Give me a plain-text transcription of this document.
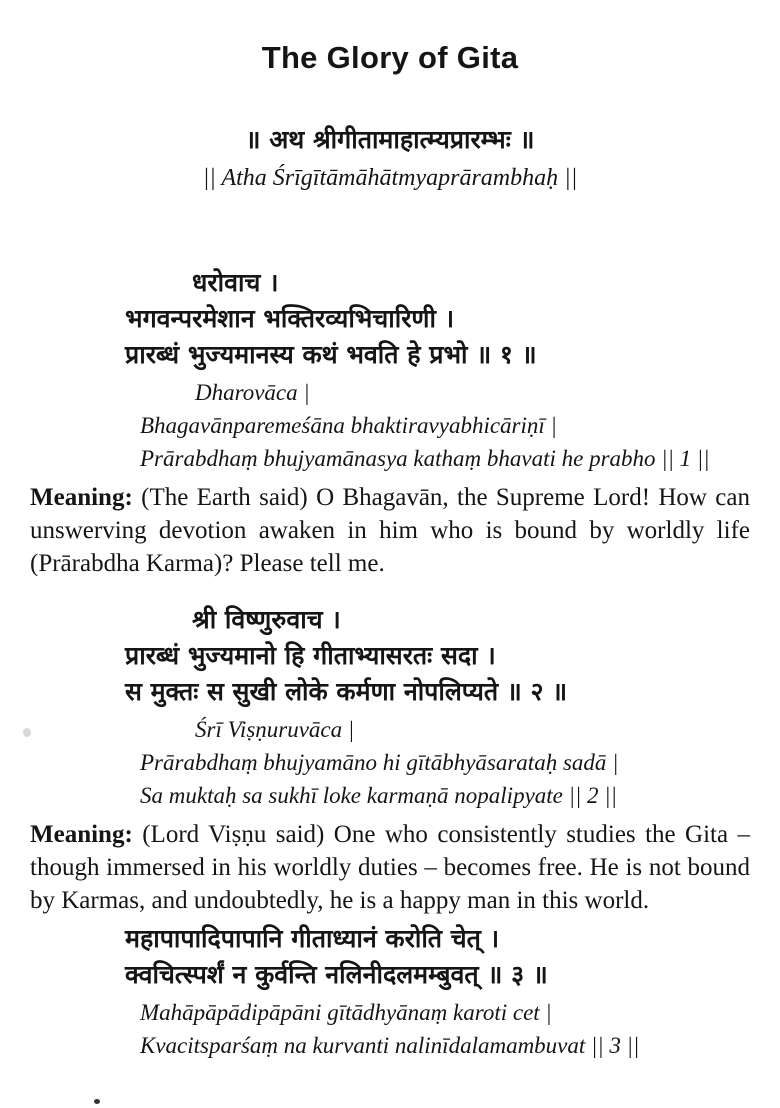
The Glory of Gita

॥ अथ श्रीगीतामाहात्म्यप्रारम्भः ॥

|| Atha Śrīgītāmāhātmyaprārambhaḥ ||

धरोवाच ।

भगवन्परमेशान भक्तिरव्यभिचारिणी ।

प्रारब्धं भुज्यमानस्य कथं भवति हे प्रभो ॥ १ ॥

Dharovāca |

Bhagavānparemeśāna bhaktiravyabhicāriṇī |

Prārabdhaṃ bhujyamānasya kathaṃ bhavati he prabho || 1 ||

Meaning: (The Earth said) O Bhagavān, the Supreme Lord! How can unswerving devotion awaken in him who is bound by worldly life (Prārabdha Karma)? Please tell me.

श्री विष्णुरुवाच ।

प्रारब्धं भुज्यमानो हि गीताभ्यासरतः सदा ।

स मुक्तः स सुखी लोके कर्मणा नोपलिप्यते ॥ २ ॥

Śrī Viṣṇuruvāca |

Prārabdhaṃ bhujyamāno hi gītābhyāsarataḥ sadā |

Sa muktaḥ sa sukhī loke karmaṇā nopalipyate || 2 ||

Meaning: (Lord Viṣṇu said) One who consistently studies the Gita – though immersed in his worldly duties – becomes free. He is not bound by Karmas, and undoubtedly, he is a happy man in this world.

महापापादिपापानि गीताध्यानं करोति चेत् ।

क्वचित्स्पर्शं न कुर्वन्ति नलिनीदलमम्बुवत् ॥ ३ ॥

Mahāpāpādipāpāni gītādhyānaṃ karoti cet |

Kvacitsparśaṃ na kurvanti nalinīdalamambuvat || 3 ||
